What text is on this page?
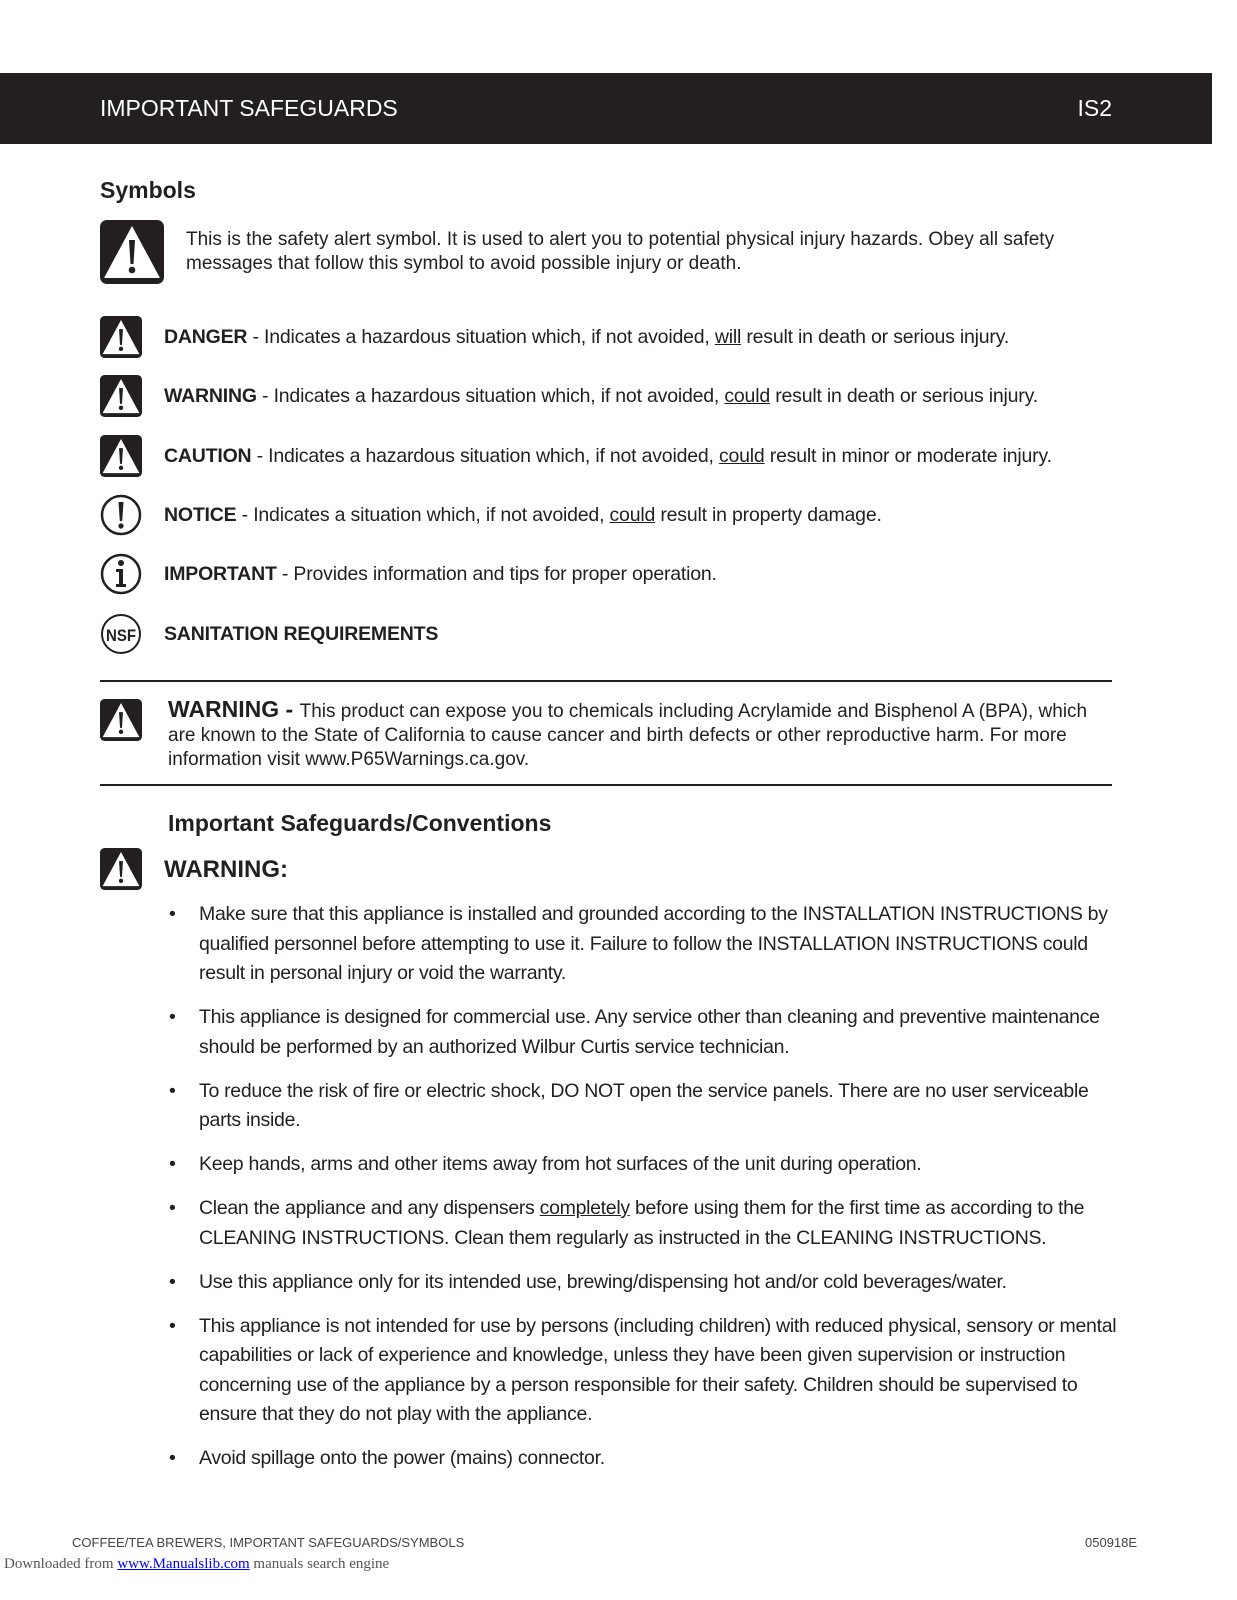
IMPORTANT SAFEGUARDS	IS2
Symbols
This is the safety alert symbol. It is used to alert you to potential physical injury hazards. Obey all safety messages that follow this symbol to avoid possible injury or death.
DANGER - Indicates a hazardous situation which, if not avoided, will result in death or serious injury.
WARNING - Indicates a hazardous situation which, if not avoided, could result in death or serious injury.
CAUTION - Indicates a hazardous situation which, if not avoided, could result in minor or moderate injury.
NOTICE - Indicates a situation which, if not avoided, could result in property damage.
IMPORTANT - Provides information and tips for proper operation.
NSF SANITATION REQUIREMENTS
WARNING - This product can expose you to chemicals including Acrylamide and Bisphenol A (BPA), which are known to the State of California to cause cancer and birth defects or other reproductive harm. For more information visit www.P65Warnings.ca.gov.
Important Safeguards/Conventions
WARNING:
• Make sure that this appliance is installed and grounded according to the INSTALLATION INSTRUCTIONS by qualified personnel before attempting to use it. Failure to follow the INSTALLATION INSTRUCTIONS could result in personal injury or void the warranty.
• This appliance is designed for commercial use. Any service other than cleaning and preventive maintenance should be performed by an authorized Wilbur Curtis service technician.
• To reduce the risk of fire or electric shock, DO NOT open the service panels. There are no user serviceable parts inside.
• Keep hands, arms and other items away from hot surfaces of the unit during operation.
• Clean the appliance and any dispensers completely before using them for the first time as according to the CLEANING INSTRUCTIONS. Clean them regularly as instructed in the CLEANING INSTRUCTIONS.
• Use this appliance only for its intended use, brewing/dispensing hot and/or cold beverages/water.
• This appliance is not intended for use by persons (including children) with reduced physical, sensory or mental capabilities or lack of experience and knowledge, unless they have been given supervision or instruction concerning use of the appliance by a person responsible for their safety. Children should be supervised to ensure that they do not play with the appliance.
• Avoid spillage onto the power (mains) connector.
COFFEE/TEA BREWERS, IMPORTANT SAFEGUARDS/SYMBOLS	050918E
Downloaded from www.Manualslib.com manuals search engine
